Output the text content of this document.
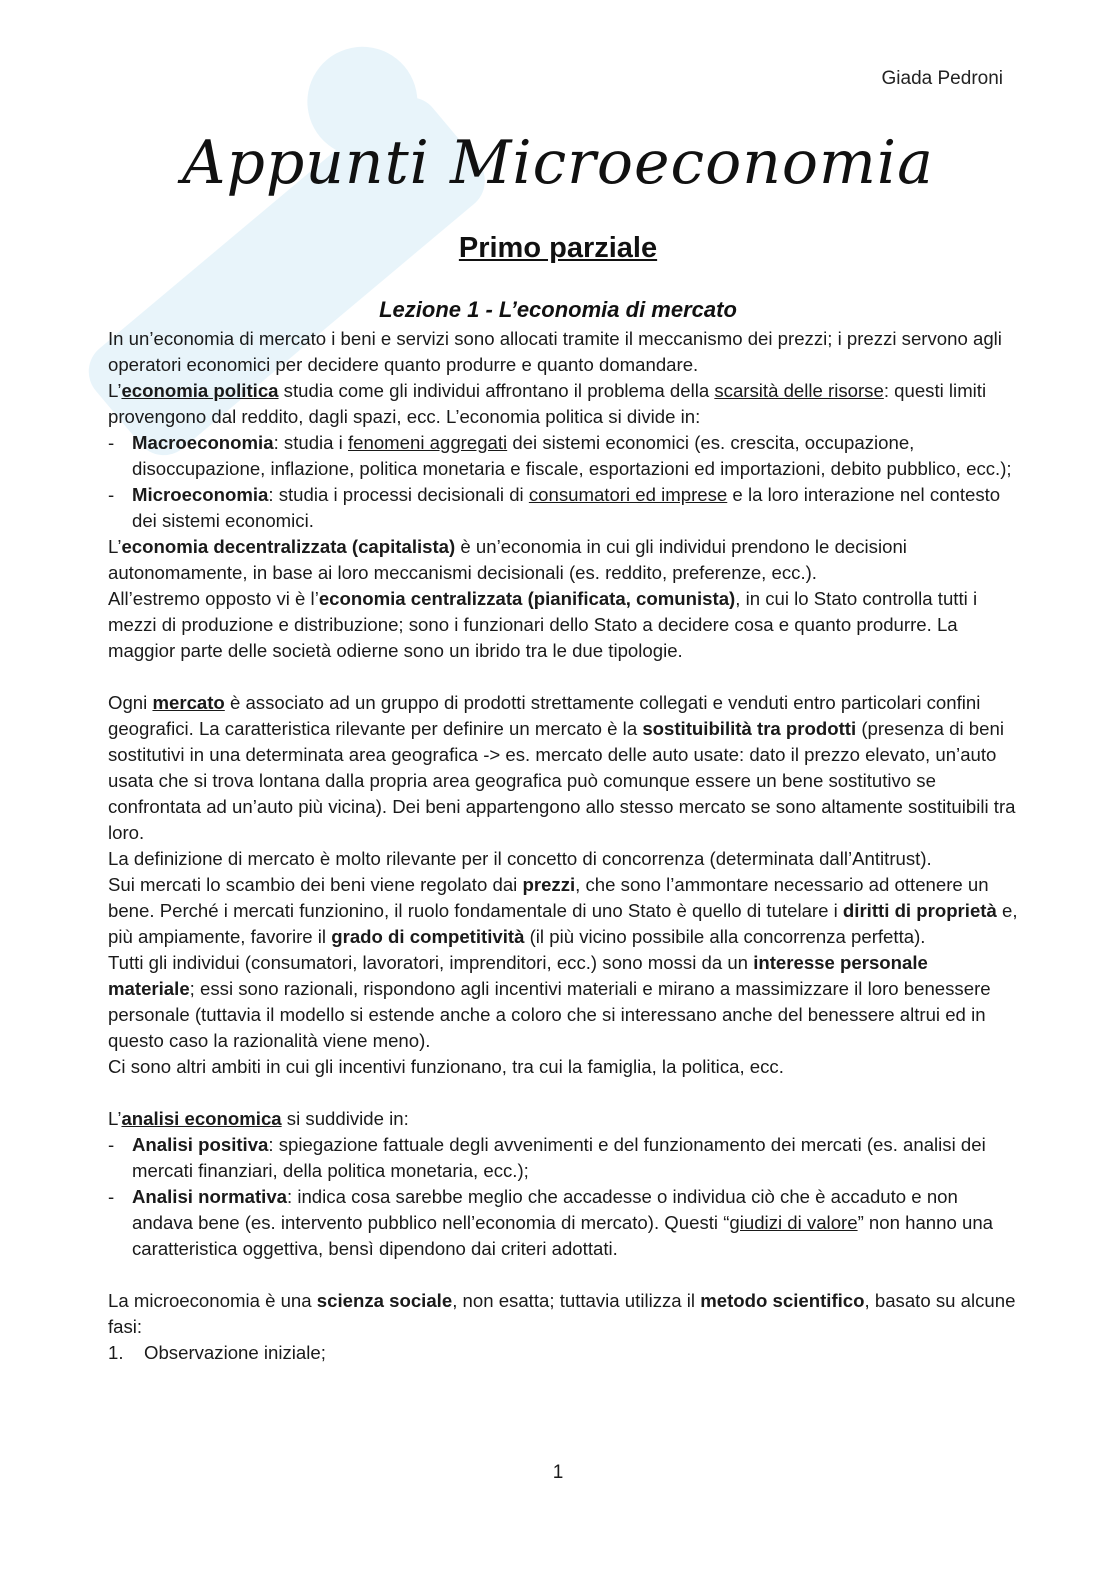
Giada Pedroni
Appunti Microeconomia
Primo parziale
Lezione 1 - L’economia di mercato

In un’economia di mercato i beni e servizi sono allocati tramite il meccanismo dei prezzi; i prezzi servono agli operatori economici per decidere quanto produrre e quanto domandare.

L’economia politica studia come gli individui affrontano il problema della scarsità delle risorse: questi limiti provengono dal reddito, dagli spazi, ecc. L’economia politica si divide in:

- Macroeconomia: studia i fenomeni aggregati dei sistemi economici (es. crescita, occupazione, disoccupazione, inflazione, politica monetaria e fiscale, esportazioni ed importazioni, debito pubblico, ecc.);
- Microeconomia: studia i processi decisionali di consumatori ed imprese e la loro interazione nel contesto dei sistemi economici.

L’economia decentralizzata (capitalista) è un’economia in cui gli individui prendono le decisioni autonomamente, in base ai loro meccanismi decisionali (es. reddito, preferenze, ecc.).

All’estremo opposto vi è l’economia centralizzata (pianificata, comunista), in cui lo Stato controlla tutti i mezzi di produzione e distribuzione; sono i funzionari dello Stato a decidere cosa e quanto produrre. La maggior parte delle società odierne sono un ibrido tra le due tipologie.

Ogni mercato è associato ad un gruppo di prodotti strettamente collegati e venduti entro particolari confini geografici. La caratteristica rilevante per definire un mercato è la sostituibilità tra prodotti (presenza di beni sostitutivi in una determinata area geografica -> es. mercato delle auto usate: dato il prezzo elevato, un’auto usata che si trova lontana dalla propria area geografica può comunque essere un bene sostitutivo se confrontata ad un’auto più vicina). Dei beni appartengono allo stesso mercato se sono altamente sostituibili tra loro.

La definizione di mercato è molto rilevante per il concetto di concorrenza (determinata dall’Antitrust).

Sui mercati lo scambio dei beni viene regolato dai prezzi, che sono l’ammontare necessario ad ottenere un bene. Perché i mercati funzionino, il ruolo fondamentale di uno Stato è quello di tutelare i diritti di proprietà e, più ampiamente, favorire il grado di competitività (il più vicino possibile alla concorrenza perfetta).

Tutti gli individui (consumatori, lavoratori, imprenditori, ecc.) sono mossi da un interesse personale materiale; essi sono razionali, rispondono agli incentivi materiali e mirano a massimizzare il loro benessere personale (tuttavia il modello si estende anche a coloro che si interessano anche del benessere altrui ed in questo caso la razionalità viene meno).

Ci sono altri ambiti in cui gli incentivi funzionano, tra cui la famiglia, la politica, ecc.

L’analisi economica si suddivide in:

- Analisi positiva: spiegazione fattuale degli avvenimenti e del funzionamento dei mercati (es. analisi dei mercati finanziari, della politica monetaria, ecc.);
- Analisi normativa: indica cosa sarebbe meglio che accadesse o individua ciò che è accaduto e non andava bene (es. intervento pubblico nell’economia di mercato). Questi “giudizi di valore” non hanno una caratteristica oggettiva, bensì dipendono dai criteri adottati.

La microeconomia è una scienza sociale, non esatta; tuttavia utilizza il metodo scientifico, basato su alcune fasi:

1. Observazione iniziale;
1
